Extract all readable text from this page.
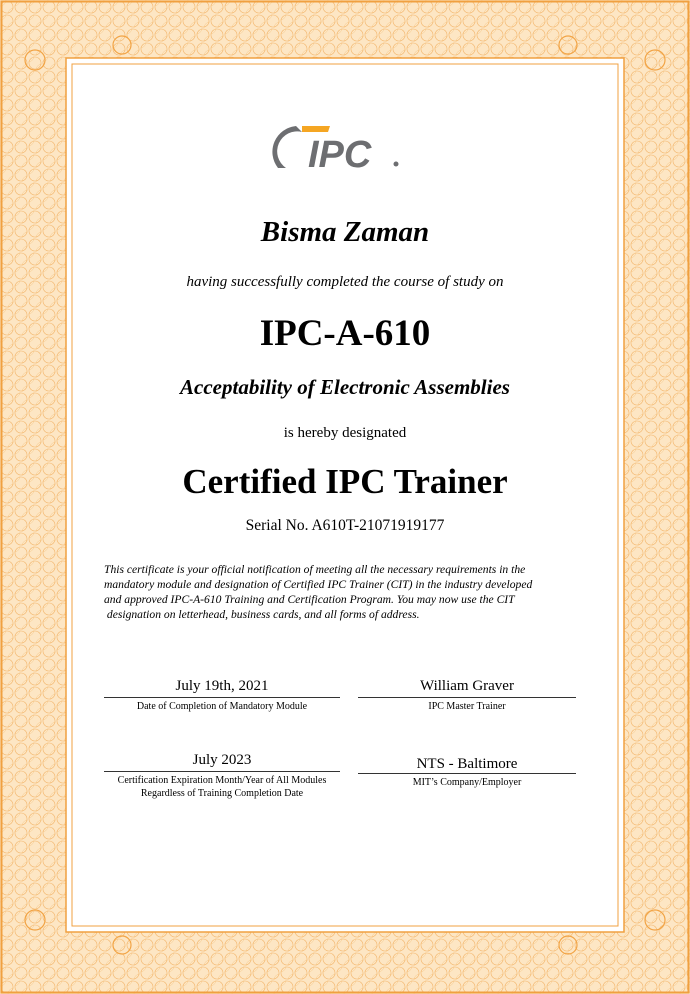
IPC
Bisma Zaman
having successfully completed the course of study on
IPC-A-610
Acceptability of Electronic Assemblies
is hereby designated
Certified IPC Trainer
Serial No. A610T-21071919177

This certificate is your official notification of meeting all the necessary requirements in the

mandatory module and designation of Certified IPC Trainer (CIT) in the industry developed

and approved IPC-A-610 Training and Certification Program. You may now use the CIT

designation on letterhead, business cards, and all forms of address.

July 19th, 2021
Date of Completion of Mandatory Module
William Graver
IPC Master Trainer
July 2023
Certification Expiration Month/Year of All Modules
Regardless of Training Completion Date
NTS - Baltimore
MIT’s Company/Employer
